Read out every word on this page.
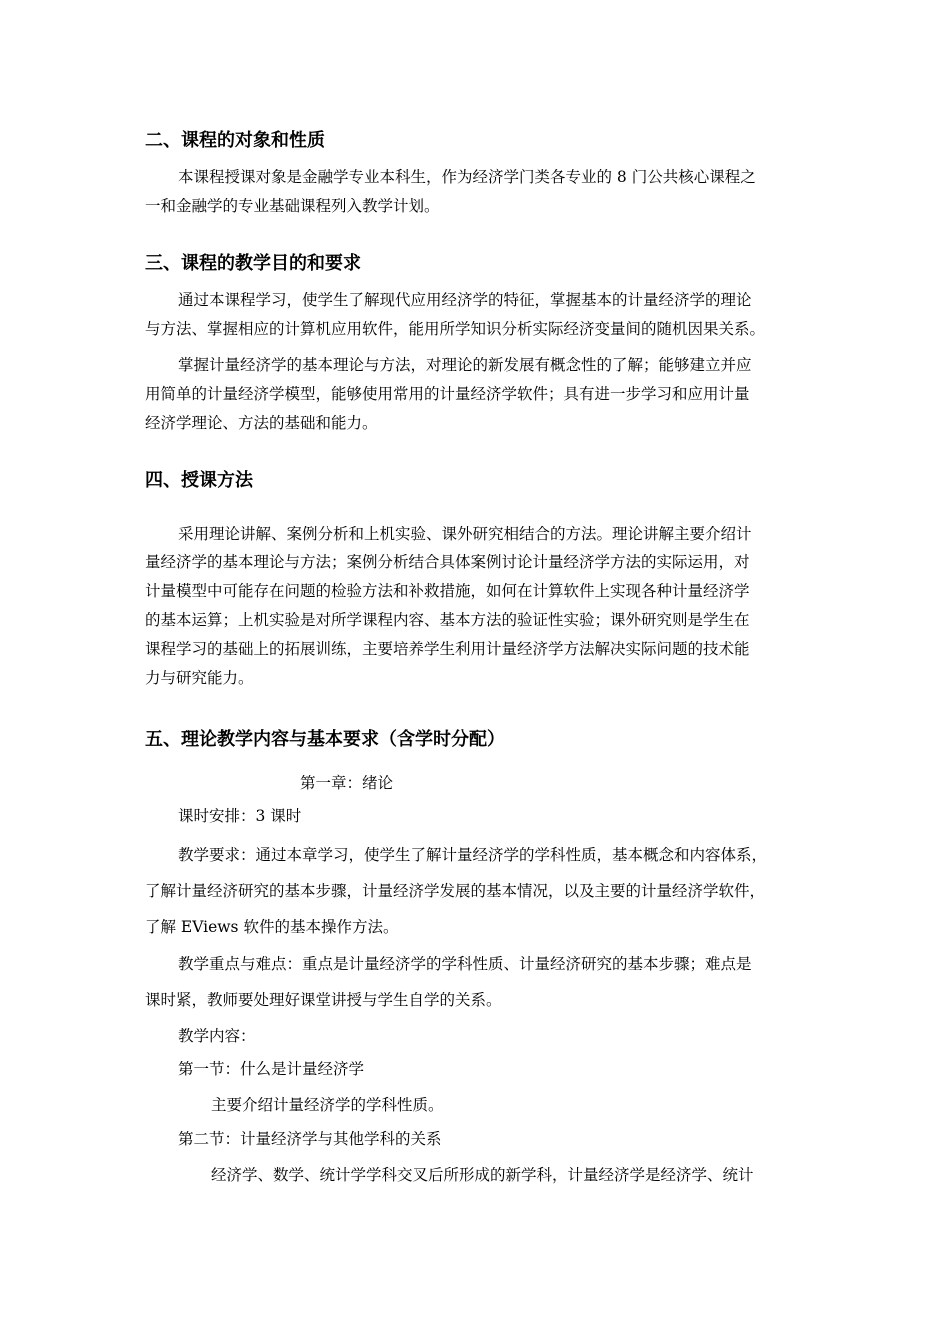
二、课程的对象和性质
本课程授课对象是金融学专业本科生，作为经济学门类各专业的 8 门公共核心课程之
一和金融学的专业基础课程列入教学计划。
三、课程的教学目的和要求
通过本课程学习，使学生了解现代应用经济学的特征，掌握基本的计量经济学的理论
与方法、掌握相应的计算机应用软件，能用所学知识分析实际经济变量间的随机因果关系。
掌握计量经济学的基本理论与方法，对理论的新发展有概念性的了解；能够建立并应
用简单的计量经济学模型，能够使用常用的计量经济学软件；具有进一步学习和应用计量
经济学理论、方法的基础和能力。
四、授课方法
采用理论讲解、案例分析和上机实验、课外研究相结合的方法。理论讲解主要介绍计
量经济学的基本理论与方法；案例分析结合具体案例讨论计量经济学方法的实际运用，对
计量模型中可能存在问题的检验方法和补救措施，如何在计算软件上实现各种计量经济学
的基本运算；上机实验是对所学课程内容、基本方法的验证性实验；课外研究则是学生在
课程学习的基础上的拓展训练，主要培养学生利用计量经济学方法解决实际问题的技术能
力与研究能力。
五、理论教学内容与基本要求（含学时分配）
第一章：绪论
课时安排：3 课时
教学要求：通过本章学习，使学生了解计量经济学的学科性质，基本概念和内容体系，
了解计量经济研究的基本步骤，计量经济学发展的基本情况，以及主要的计量经济学软件，
了解 EViews 软件的基本操作方法。
教学重点与难点：重点是计量经济学的学科性质、计量经济研究的基本步骤；难点是
课时紧，教师要处理好课堂讲授与学生自学的关系。
教学内容：
第一节：什么是计量经济学
主要介绍计量经济学的学科性质。
第二节：计量经济学与其他学科的关系
经济学、数学、统计学学科交叉后所形成的新学科，计量经济学是经济学、统计
